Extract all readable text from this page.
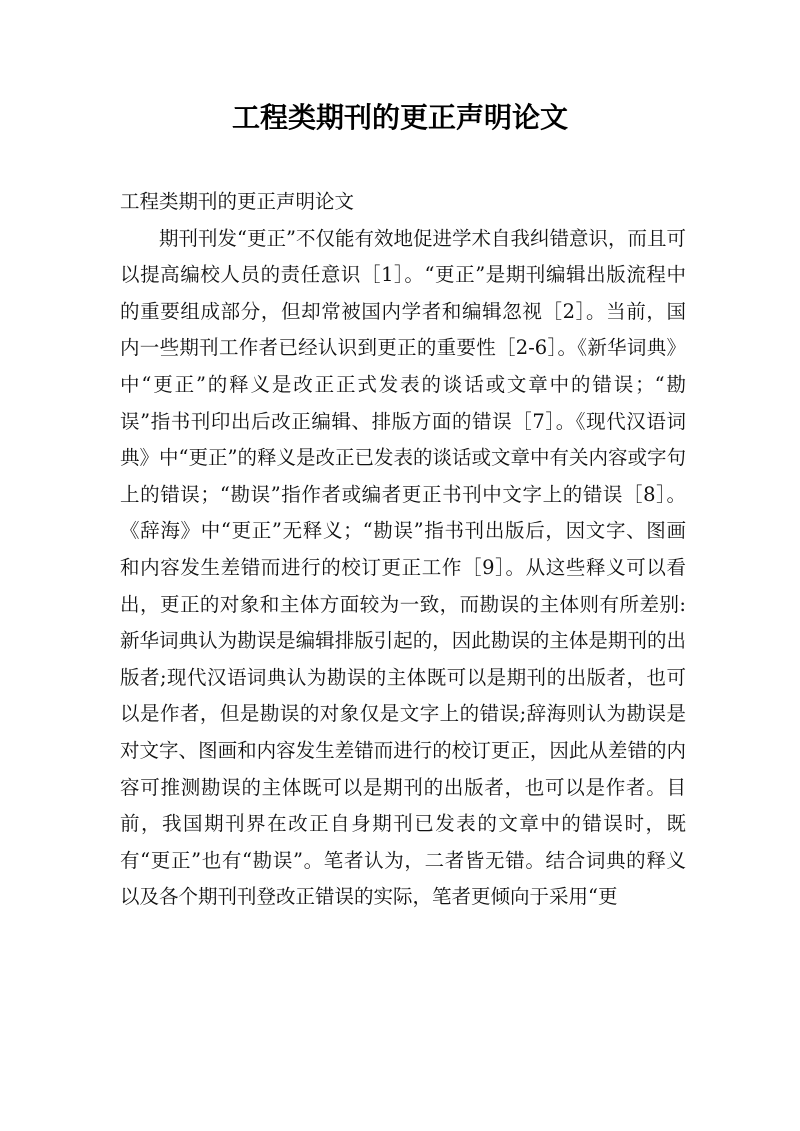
工程类期刊的更正声明论文

工程类期刊的更正声明论文

期刊刊发“更正”不仅能有效地促进学术自我纠错意识，而且可以提高编校人员的责任意识［1］。“更正”是期刊编辑出版流程中的重要组成部分，但却常被国内学者和编辑忽视［2］。当前，国内一些期刊工作者已经认识到更正的重要性［2-6］。《新华词典》中“更正”的释义是改正正式发表的谈话或文章中的错误；“勘误”指书刊印出后改正编辑、排版方面的错误［7］。《现代汉语词典》中“更正”的释义是改正已发表的谈话或文章中有关内容或字句上的错误；“勘误”指作者或编者更正书刊中文字上的错误［8］。《辞海》中“更正”无释义；“勘误”指书刊出版后，因文字、图画和内容发生差错而进行的校订更正工作［9］。从这些释义可以看出，更正的对象和主体方面较为一致，而勘误的主体则有所差别:新华词典认为勘误是编辑排版引起的，因此勘误的主体是期刊的出版者;现代汉语词典认为勘误的主体既可以是期刊的出版者，也可以是作者，但是勘误的对象仅是文字上的错误;辞海则认为勘误是对文字、图画和内容发生差错而进行的校订更正，因此从差错的内容可推测勘误的主体既可以是期刊的出版者，也可以是作者。目前，我国期刊界在改正自身期刊已发表的文章中的错误时，既有“更正”也有“勘误”。笔者认为，二者皆无错。结合词典的释义以及各个期刊刊登改正错误的实际，笔者更倾向于采用“更
